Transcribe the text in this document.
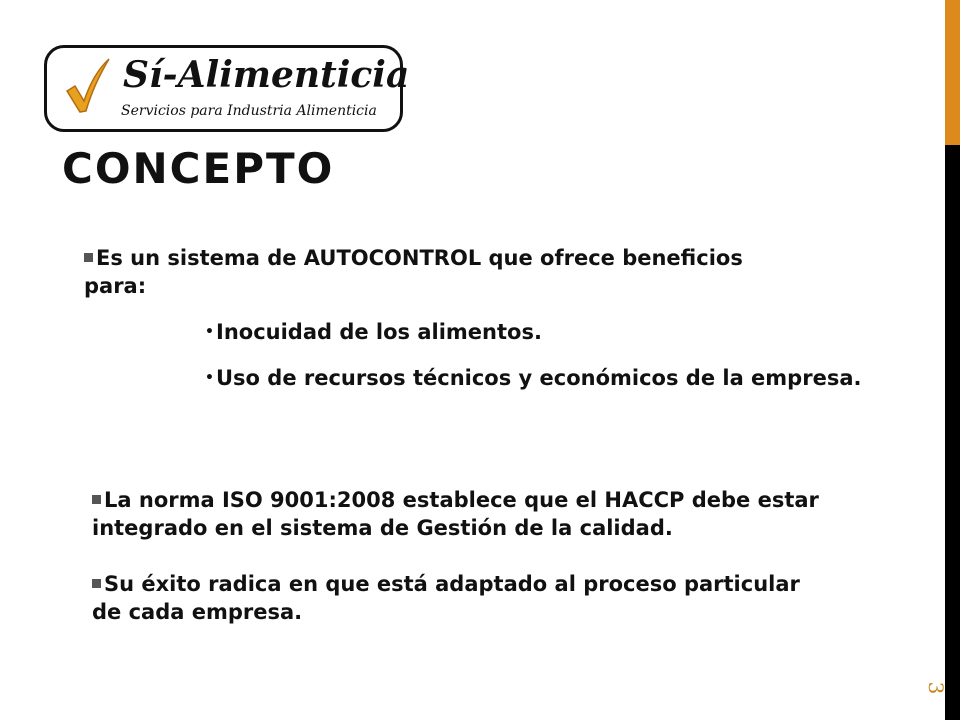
3
Sí-Alimenticia
Servicios para Industria Alimenticia
CONCEPTO
Es un sistema de AUTOCONTROL que ofrece beneficios para:
• Inocuidad de los alimentos.
• Uso de recursos técnicos y económicos de la empresa.
La norma ISO 9001:2008 establece que el HACCP debe estar integrado en el sistema de Gestión de la calidad.
Su éxito radica en que está adaptado al proceso particular de cada empresa.
